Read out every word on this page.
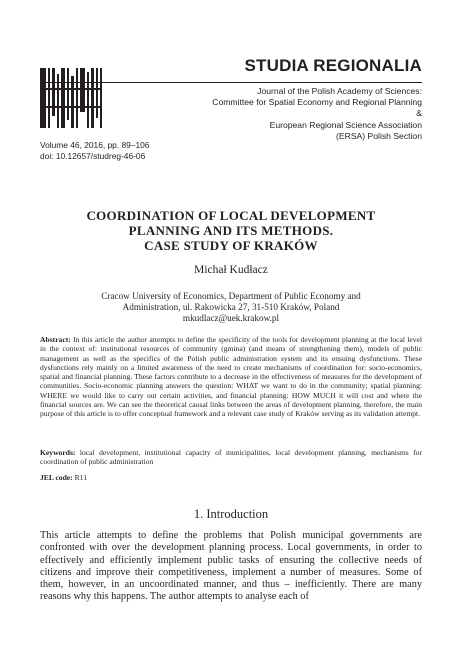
STUDIA REGIONALIA
Journal of the Polish Academy of Sciences:
Committee for Spatial Economy and Regional Planning
&
European Regional Science Association
(ERSA) Polish Section
Volume 46, 2016, pp. 89–106
doi: 10.12657/studreg-46-06
COORDINATION OF LOCAL DEVELOPMENT
PLANNING AND ITS METHODS.
CASE STUDY OF KRAKÓW
Michał Kudłacz
Cracow University of Economics, Department of Public Economy and
Administration, ul. Rakowicka 27, 31-510 Kraków, Poland
mkudlacz@uek.krakow.pl
Abstract: In this article the author attempts to define the specificity of the tools for development planning at the local level in the context of: institutional resources of community (gmina) (and means of strengthening them), models of public management as well as the specifics of the Polish public administration system and its ensuing dysfunctions. These dysfunctions rely mainly on a limited awareness of the need to create mechanisms of coordination for: socio-economics, spatial and financial planning. These factors contribute to a decrease in the effectiveness of measures for the development of communities. Socio-economic planning answers the question: WHAT we want to do in the community; spatial planning: WHERE we would like to carry out certain activities, and financial planning: HOW MUCH it will cost and where the financial sources are. We can see the theoretical causal links between the areas of development planning, therefore, the main purpose of this article is to offer conceptual framework and a relevant case study of Kraków serving as its validation attempt.
Keywords: local development, institutional capacity of municipalities, local development planning, mechanisms for coordination of public administration
JEL code: R11
1. Introduction
This article attempts to define the problems that Polish municipal governments are confronted with over the development planning process. Local governments, in order to effectively and efficiently implement public tasks of ensuring the collective needs of citizens and improve their competitiveness, implement a number of measures. Some of them, however, in an uncoordinated manner, and thus – inefficiently. There are many reasons why this happens. The author attempts to analyse each of
